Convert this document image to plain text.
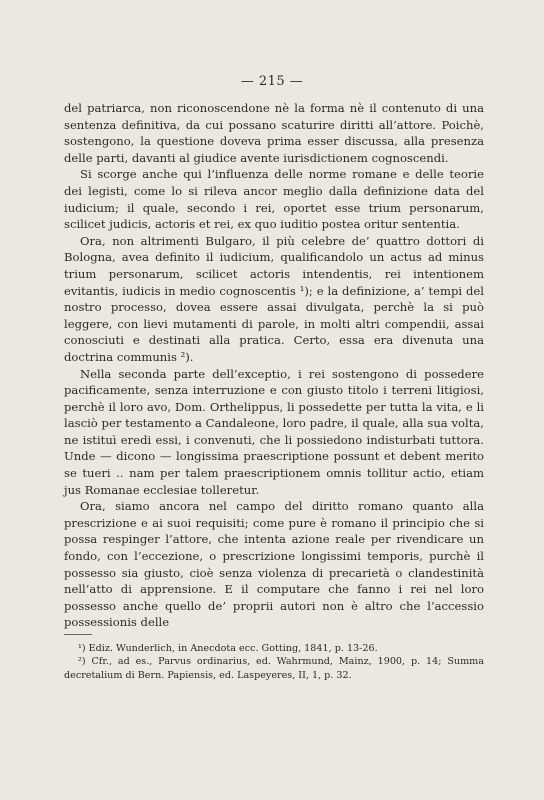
— 215 —

del patriarca, non riconoscendone nè la forma nè il contenuto di una sentenza definitiva, da cui possano scaturire diritti all’attore. Poichè, sostengono, la questione doveva prima esser discussa, alla presenza delle parti, davanti al giudice avente iurisdictionem cognoscendi.

Si scorge anche qui l’influenza delle norme romane e delle teorie dei legisti, come lo si rileva ancor meglio dalla definizione data del iudicium; il quale, secondo i rei, oportet esse trium personarum, scilicet judicis, actoris et rei, ex quo iuditio postea oritur sententia.

Ora, non altrimenti Bulgaro, il più celebre de’ quattro dottori di Bologna, avea definito il iudicium, qualificandolo un actus ad minus trium personarum, scilicet actoris intendentis, rei intentionem evitantis, iudicis in medio cognoscentis ¹); e la definizione, a’ tempi del nostro processo, dovea essere assai divulgata, perchè la si può leggere, con lievi mutamenti di parole, in molti altri compendii, assai conosciuti e destinati alla pratica. Certo, essa era divenuta una doctrina communis ²).

Nella seconda parte dell’exceptio, i rei sostengono di possedere pacificamente, senza interruzione e con giusto titolo i terreni litigiosi, perchè il loro avo, Dom. Orthelippus, li possedette per tutta la vita, e li lasciò per testamento a Candaleone, loro padre, il quale, alla sua volta, ne istituì eredi essi, i convenuti, che li possiedono indisturbati tuttora. Unde — dicono — longissima praescriptione possunt et debent merito se tueri .. nam per talem praescriptionem omnis tollitur actio, etiam jus Romanae ecclesiae tolleretur.

Ora, siamo ancora nel campo del diritto romano quanto alla prescrizione e ai suoi requisiti; come pure è romano il principio che si possa respinger l’attore, che intenta azione reale per rivendicare un fondo, con l’eccezione, o prescrizione longissimi temporis, purchè il possesso sia giusto, cioè senza violenza di precarietà o clandestinità nell’atto di apprensione. E il computare che fanno i rei nel loro possesso anche quello de’ proprii autori non è altro che l’accessio possessionis delle

¹) Ediz. Wunderlich, in Anecdota ecc. Gotting, 1841, p. 13-26.

²) Cfr., ad es., Parvus ordinarius, ed. Wahrmund, Mainz, 1900, p. 14; Summa decretalium di Bern. Papiensis, ed. Laspeyeres, II, 1, p. 32.
